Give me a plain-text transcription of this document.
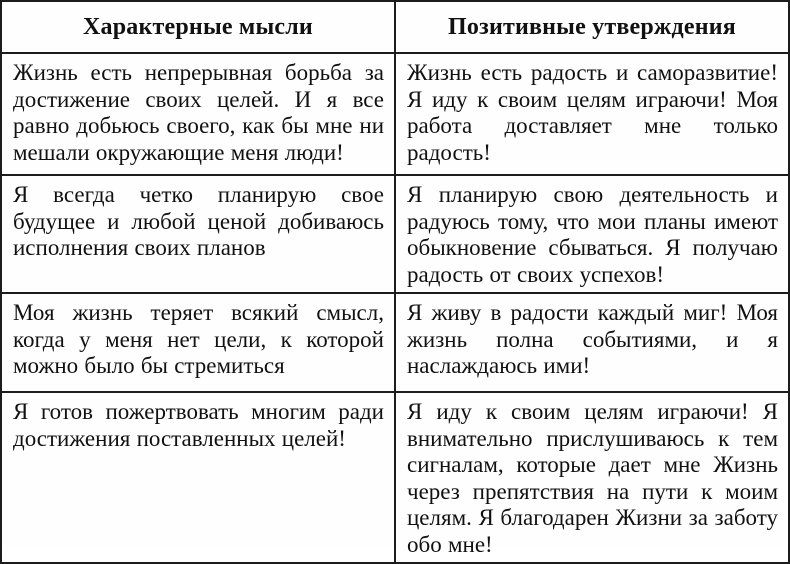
Характерные мысли	Позитивные утверждения
Жизнь есть непрерывная борьба за достижение своих целей. И я все равно добьюсь своего, как бы мне ни мешали окружающие меня люди!	Жизнь есть радость и саморазвитие! Я иду к своим целям играючи! Моя работа доставляет мне только радость!
Я всегда четко планирую свое будущее и любой ценой добиваюсь исполнения своих планов	Я планирую свою деятельность и радуюсь тому, что мои планы имеют обыкновение сбываться. Я получаю радость от своих успехов!
Моя жизнь теряет всякий смысл, когда у меня нет цели, к которой можно было бы стремиться	Я живу в радости каждый миг! Моя жизнь полна событиями, и я наслаждаюсь ими!
Я готов пожертвовать многим ради достижения поставленных целей!	Я иду к своим целям играючи! Я внимательно прислушиваюсь к тем сигналам, которые дает мне Жизнь через препятствия на пути к моим целям. Я благодарен Жизни за заботу обо мне!
